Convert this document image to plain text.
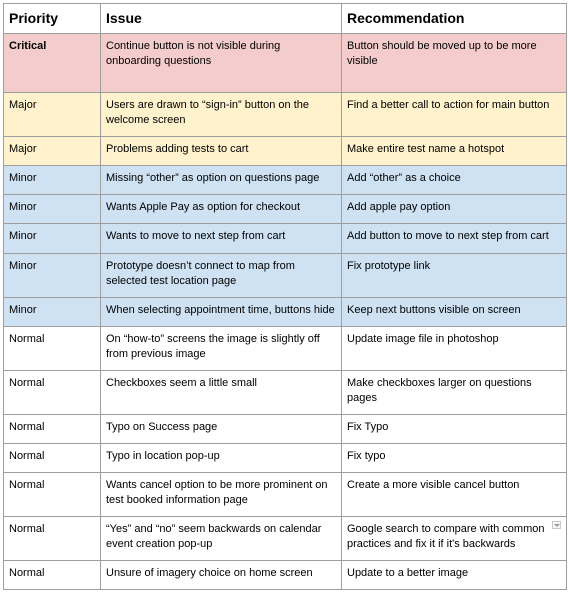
Priority	Issue	Recommendation
Critical	Continue button is not visible during onboarding questions	Button should be moved up to be more visible
Major	Users are drawn to “sign-in” button on the welcome screen	Find a better call to action for main button
Major	Problems adding tests to cart	Make entire test name a hotspot
Minor	Missing “other” as option on questions page	Add “other” as a choice
Minor	Wants Apple Pay as option for checkout	Add apple pay option
Minor	Wants to move to next step from cart	Add button to move to next step from cart
Minor	Prototype doesn’t connect to map from selected test location page	Fix prototype link
Minor	When selecting appointment time, buttons hide	Keep next buttons visible on screen
Normal	On “how-to” screens the image is slightly off from previous image	Update image file in photoshop
Normal	Checkboxes seem a little small	Make checkboxes larger on questions pages
Normal	Typo on Success page	Fix Typo
Normal	Typo in location pop-up	Fix typo
Normal	Wants cancel option to be more prominent on test booked information page	Create a more visible cancel button
Normal	“Yes” and “no” seem backwards on calendar event creation pop-up	Google search to compare with common practices and fix it if it's backwards

Normal	Unsure of imagery choice on home screen	Update to a better image
